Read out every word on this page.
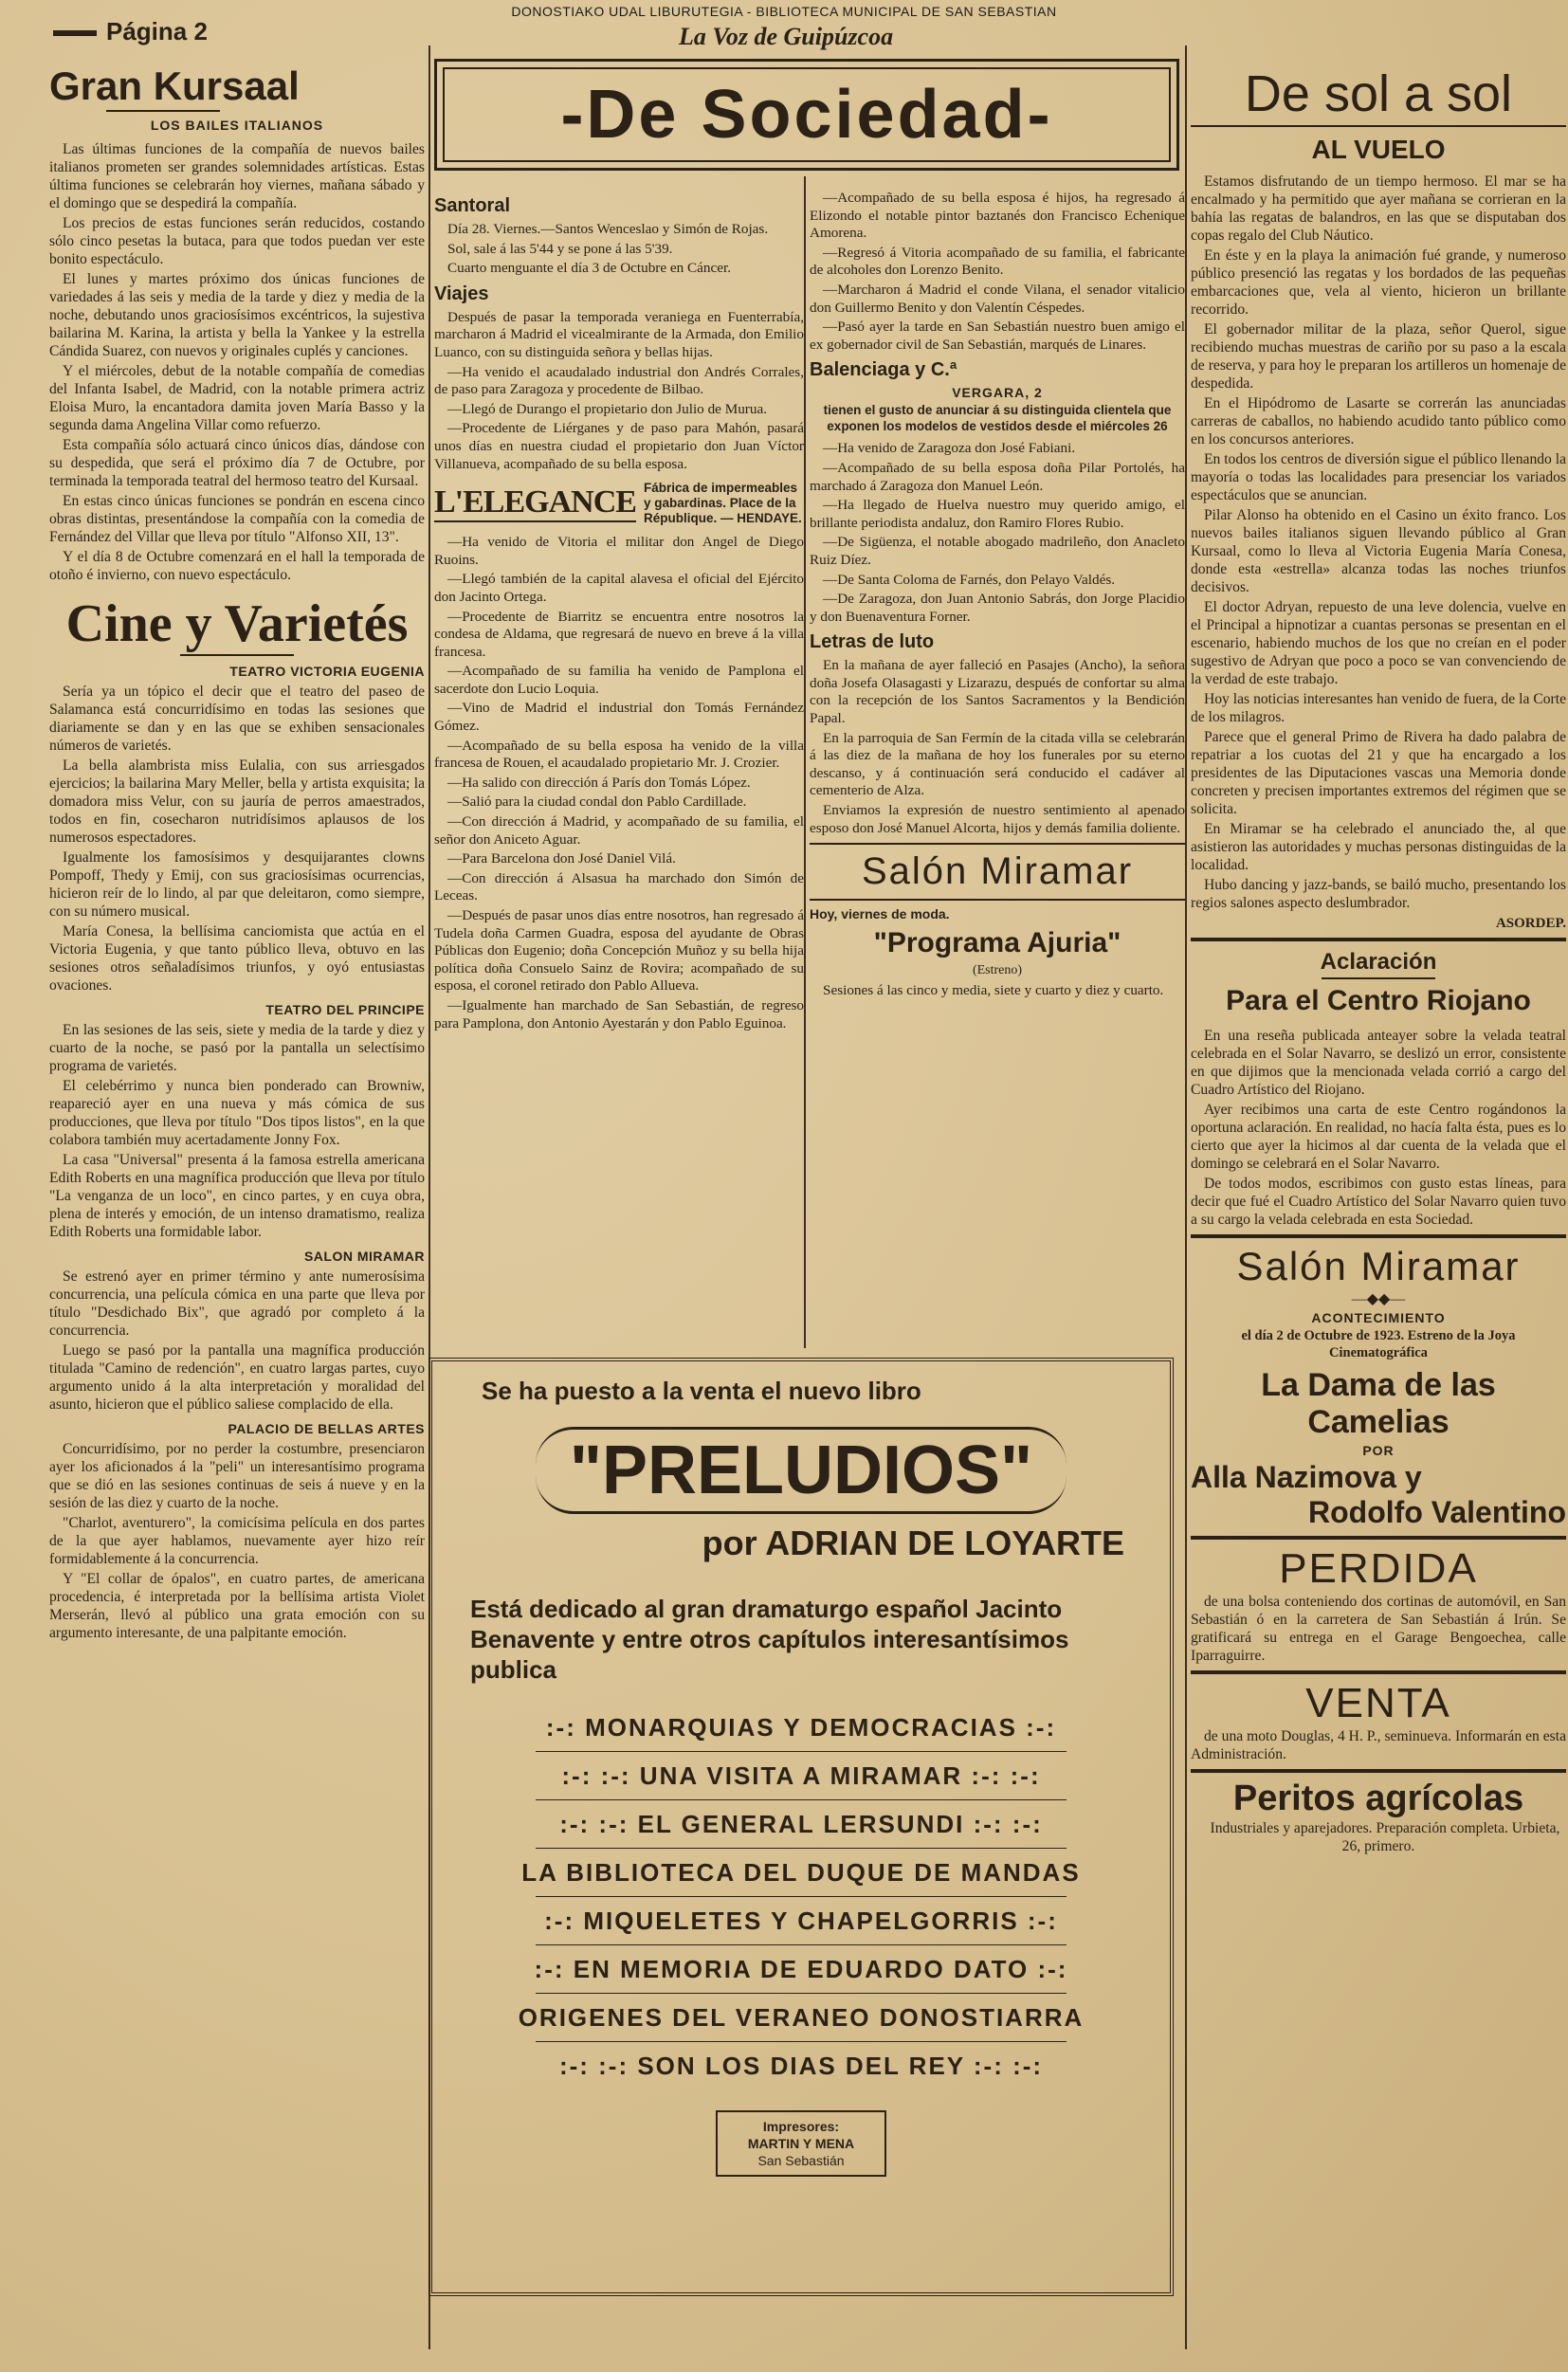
DONOSTIAKO UDAL LIBURUTEGIA - BIBLIOTECA MUNICIPAL DE SAN SEBASTIAN
Página 2	La Voz de Guipúzcoa
Gran Kursaal
LOS BAILES ITALIANOS

Las últimas funciones de la compañía de nuevos bailes italianos prometen ser grandes solemnidades artísticas. Estas última funciones se celebrarán hoy viernes, mañana sábado y el domingo que se despedirá la compañía.

Los precios de estas funciones serán reducidos, costando sólo cinco pesetas la butaca, para que todos puedan ver este bonito espectáculo.

El lunes y martes próximo dos únicas funciones de variedades á las seis y media de la tarde y diez y media de la noche, debutando unos graciosísimos excéntricos, la sujestiva bailarina M. Karina, la artista y bella la Yankee y la estrella Cándida Suarez, con nuevos y originales cuplés y canciones.

Y el miércoles, debut de la notable compañía de comedias del Infanta Isabel, de Madrid, con la notable primera actriz Eloisa Muro, la encantadora damita joven María Basso y la segunda dama Angelina Villar como refuerzo.

Esta compañía sólo actuará cinco únicos días, dándose con su despedida, que será el próximo día 7 de Octubre, por terminada la temporada teatral del hermoso teatro del Kursaal.

En estas cinco únicas funciones se pondrán en escena cinco obras distintas, presentándose la compañía con la comedia de Fernández del Villar que lleva por título "Alfonso XII, 13".

Y el día 8 de Octubre comenzará en el hall la temporada de otoño é invierno, con nuevo espectáculo.

Cine y Varietés
TEATRO VICTORIA EUGENIA

Sería ya un tópico el decir que el teatro del paseo de Salamanca está concurridísimo en todas las sesiones que diariamente se dan y en las que se exhiben sensacionales números de varietés.

La bella alambrista miss Eulalia, con sus arriesgados ejercicios; la bailarina Mary Meller, bella y artista exquisita; la domadora miss Velur, con su jauría de perros amaestrados, todos en fin, cosecharon nutridísimos aplausos de los numerosos espectadores.

Igualmente los famosísimos y desquijarantes clowns Pompoff, Thedy y Emij, con sus graciosísimas ocurrencias, hicieron reír de lo lindo, al par que deleitaron, como siempre, con su número musical.

María Conesa, la bellísima canciomista que actúa en el Victoria Eugenia, y que tanto público lleva, obtuvo en las sesiones otros señaladísimos triunfos, y oyó entusiastas ovaciones.

TEATRO DEL PRINCIPE

En las sesiones de las seis, siete y media de la tarde y diez y cuarto de la noche, se pasó por la pantalla un selectísimo programa de varietés.

El celebérrimo y nunca bien ponderado can Browniw, reapareció ayer en una nueva y más cómica de sus producciones, que lleva por título "Dos tipos listos", en la que colabora también muy acertadamente Jonny Fox.

La casa "Universal" presenta á la famosa estrella americana Edith Roberts en una magnífica producción que lleva por título "La venganza de un loco", en cinco partes, y en cuya obra, plena de interés y emoción, de un intenso dramatismo, realiza Edith Roberts una formidable labor.

SALON MIRAMAR

Se estrenó ayer en primer término y ante numerosísima concurrencia, una película cómica en una parte que lleva por título "Desdichado Bix", que agradó por completo á la concurrencia.

Luego se pasó por la pantalla una magnífica producción titulada "Camino de redención", en cuatro largas partes, cuyo argumento unido á la alta interpretación y moralidad del asunto, hicieron que el público saliese complacido de ella.

PALACIO DE BELLAS ARTES

Concurridísimo, por no perder la costumbre, presenciaron ayer los aficionados á la "peli" un interesantísimo programa que se dió en las sesiones continuas de seis á nueve y en la sesión de las diez y cuarto de la noche.

"Charlot, aventurero", la comicísima película en dos partes de la que ayer hablamos, nuevamente ayer hizo reír formidablemente á la concurrencia.

Y "El collar de ópalos", en cuatro partes, de americana procedencia, é interpretada por la bellísima artista Violet Merserán, llevó al público una grata emoción con su argumento interesante, de una palpitante emoción.

-De Sociedad-
Santoral

Día 28. Viernes.—Santos Wenceslao y Simón de Rojas.

Sol, sale á las 5'44 y se pone á las 5'39.

Cuarto menguante el día 3 de Octubre en Cáncer.

Viajes

Después de pasar la temporada veraniega en Fuenterrabía, marcharon á Madrid el vicealmirante de la Armada, don Emilio Luanco, con su distinguida señora y bellas hijas.

—Ha venido el acaudalado industrial don Andrés Corrales, de paso para Zaragoza y procedente de Bilbao.

—Llegó de Durango el propietario don Julio de Murua.

—Procedente de Liérganes y de paso para Mahón, pasará unos días en nuestra ciudad el propietario don Juan Víctor Villanueva, acompañado de su bella esposa.

L'ELEGANCE Fábrica de impermeables y gabardinas. Place de la République. — HENDAYE.

—Ha venido de Vitoria el militar don Angel de Diego Ruoins.

—Llegó también de la capital alavesa el oficial del Ejército don Jacinto Ortega.

—Procedente de Biarritz se encuentra entre nosotros la condesa de Aldama, que regresará de nuevo en breve á la villa francesa.

—Acompañado de su familia ha venido de Pamplona el sacerdote don Lucio Loquia.

—Vino de Madrid el industrial don Tomás Fernández Gómez.

—Acompañado de su bella esposa ha venido de la villa francesa de Rouen, el acaudalado propietario Mr. J. Crozier.

—Ha salido con dirección á París don Tomás López.

—Salió para la ciudad condal don Pablo Cardillade.

—Con dirección á Madrid, y acompañado de su familia, el señor don Aniceto Aguar.

—Para Barcelona don José Daniel Vilá.

—Con dirección á Alsasua ha marchado don Simón de Leceas.

—Después de pasar unos días entre nosotros, han regresado á Tudela doña Carmen Guadra, esposa del ayudante de Obras Públicas don Eugenio; doña Concepción Muñoz y su bella hija política doña Consuelo Sainz de Rovira; acompañado de su esposa, el coronel retirado don Pablo Allueva.

—Igualmente han marchado de San Sebastián, de regreso para Pamplona, don Antonio Ayestarán y don Pablo Eguinoa.

—Acompañado de su bella esposa é hijos, ha regresado á Elizondo el notable pintor baztanés don Francisco Echenique Amorena.

—Regresó á Vitoria acompañado de su familia, el fabricante de alcoholes don Lorenzo Benito.

—Marcharon á Madrid el conde Vilana, el senador vitalicio don Guillermo Benito y don Valentín Céspedes.

—Pasó ayer la tarde en San Sebastián nuestro buen amigo el ex gobernador civil de San Sebastián, marqués de Linares.

Balenciaga y C.ª
VERGARA, 2
tienen el gusto de anunciar á su distinguida clientela que exponen los modelos de vestidos desde el miércoles 26

—Ha venido de Zaragoza don José Fabiani.

—Acompañado de su bella esposa doña Pilar Portolés, ha marchado á Zaragoza don Manuel León.

—Ha llegado de Huelva nuestro muy querido amigo, el brillante periodista andaluz, don Ramiro Flores Rubio.

—De Sigüenza, el notable abogado madrileño, don Anacleto Ruiz Díez.

—De Santa Coloma de Farnés, don Pelayo Valdés.

—De Zaragoza, don Juan Antonio Sabrás, don Jorge Placidio y don Buenaventura Forner.

Letras de luto

En la mañana de ayer falleció en Pasajes (Ancho), la señora doña Josefa Olasagasti y Lizarazu, después de confortar su alma con la recepción de los Santos Sacramentos y la Bendición Papal.

En la parroquia de San Fermín de la citada villa se celebrarán á las diez de la mañana de hoy los funerales por su eterno descanso, y á continuación será conducido el cadáver al cementerio de Alza.

Enviamos la expresión de nuestro sentimiento al apenado esposo don José Manuel Alcorta, hijos y demás familia doliente.

Salón Miramar
Hoy, viernes de moda.
"Programa Ajuria"
(Estreno)

Sesiones á las cinco y media, siete y cuarto y diez y cuarto.

Se ha puesto a la venta el nuevo libro
"PRELUDIOS"
por ADRIAN DE LOYARTE
Está dedicado al gran dramaturgo español Jacinto Benavente y entre otros capítulos interesantísimos publica
:-: MONARQUIAS Y DEMOCRACIAS :-:
:-: :-: UNA VISITA A MIRAMAR :-: :-:
:-: :-: EL GENERAL LERSUNDI :-: :-:
LA BIBLIOTECA DEL DUQUE DE MANDAS
:-: MIQUELETES Y CHAPELGORRIS :-:
:-: EN MEMORIA DE EDUARDO DATO :-:
ORIGENES DEL VERANEO DONOSTIARRA
:-: :-: SON LOS DIAS DEL REY :-: :-:
Impresores:
MARTIN Y MENA
San Sebastián
De sol a sol
AL VUELO

Estamos disfrutando de un tiempo hermoso. El mar se ha encalmado y ha permitido que ayer mañana se corrieran en la bahía las regatas de balandros, en las que se disputaban dos copas regalo del Club Náutico.

En éste y en la playa la animación fué grande, y numeroso público presenció las regatas y los bordados de las pequeñas embarcaciones que, vela al viento, hicieron un brillante recorrido.

El gobernador militar de la plaza, señor Querol, sigue recibiendo muchas muestras de cariño por su paso a la escala de reserva, y para hoy le preparan los artilleros un homenaje de despedida.

En el Hipódromo de Lasarte se correrán las anunciadas carreras de caballos, no habiendo acudido tanto público como en los concursos anteriores.

En todos los centros de diversión sigue el público llenando la mayoría o todas las localidades para presenciar los variados espectáculos que se anuncian.

Pilar Alonso ha obtenido en el Casino un éxito franco. Los nuevos bailes italianos siguen llevando público al Gran Kursaal, como lo lleva al Victoria Eugenia María Conesa, donde esta «estrella» alcanza todas las noches triunfos decisivos.

El doctor Adryan, repuesto de una leve dolencia, vuelve en el Principal a hipnotizar a cuantas personas se presentan en el escenario, habiendo muchos de los que no creían en el poder sugestivo de Adryan que poco a poco se van convenciendo de la verdad de este trabajo.

Hoy las noticias interesantes han venido de fuera, de la Corte de los milagros.

Parece que el general Primo de Rivera ha dado palabra de repatriar a los cuotas del 21 y que ha encargado a los presidentes de las Diputaciones vascas una Memoria donde concreten y precisen importantes extremos del régimen que se solicita.

En Miramar se ha celebrado el anunciado the, al que asistieron las autoridades y muchas personas distinguidas de la localidad.

Hubo dancing y jazz-bands, se bailó mucho, presentando los regios salones aspecto deslumbrador.

ASORDEP.
Aclaración
Para el Centro Riojano

En una reseña publicada anteayer sobre la velada teatral celebrada en el Solar Navarro, se deslizó un error, consistente en que dijimos que la mencionada velada corrió a cargo del Cuadro Artístico del Riojano.

Ayer recibimos una carta de este Centro rogándonos la oportuna aclaración. En realidad, no hacía falta ésta, pues es lo cierto que ayer la hicimos al dar cuenta de la velada que el domingo se celebrará en el Solar Navarro.

De todos modos, escribimos con gusto estas líneas, para decir que fué el Cuadro Artístico del Solar Navarro quien tuvo a su cargo la velada celebrada en esta Sociedad.

Salón Miramar
—◆◆—
ACONTECIMIENTO
el día 2 de Octubre de 1923. Estreno de la Joya Cinematográfica
La Dama de las Camelias
POR
Alla Nazimova y
Rodolfo Valentino
PERDIDA

de una bolsa conteniendo dos cortinas de automóvil, en San Sebastián ó en la carretera de San Sebastián á Irún. Se gratificará su entrega en el Garage Bengoechea, calle Iparraguirre.

VENTA

de una moto Douglas, 4 H. P., seminueva. Informarán en esta Administración.

Peritos agrícolas

Industriales y aparejadores. Preparación completa. Urbieta, 26, primero.
